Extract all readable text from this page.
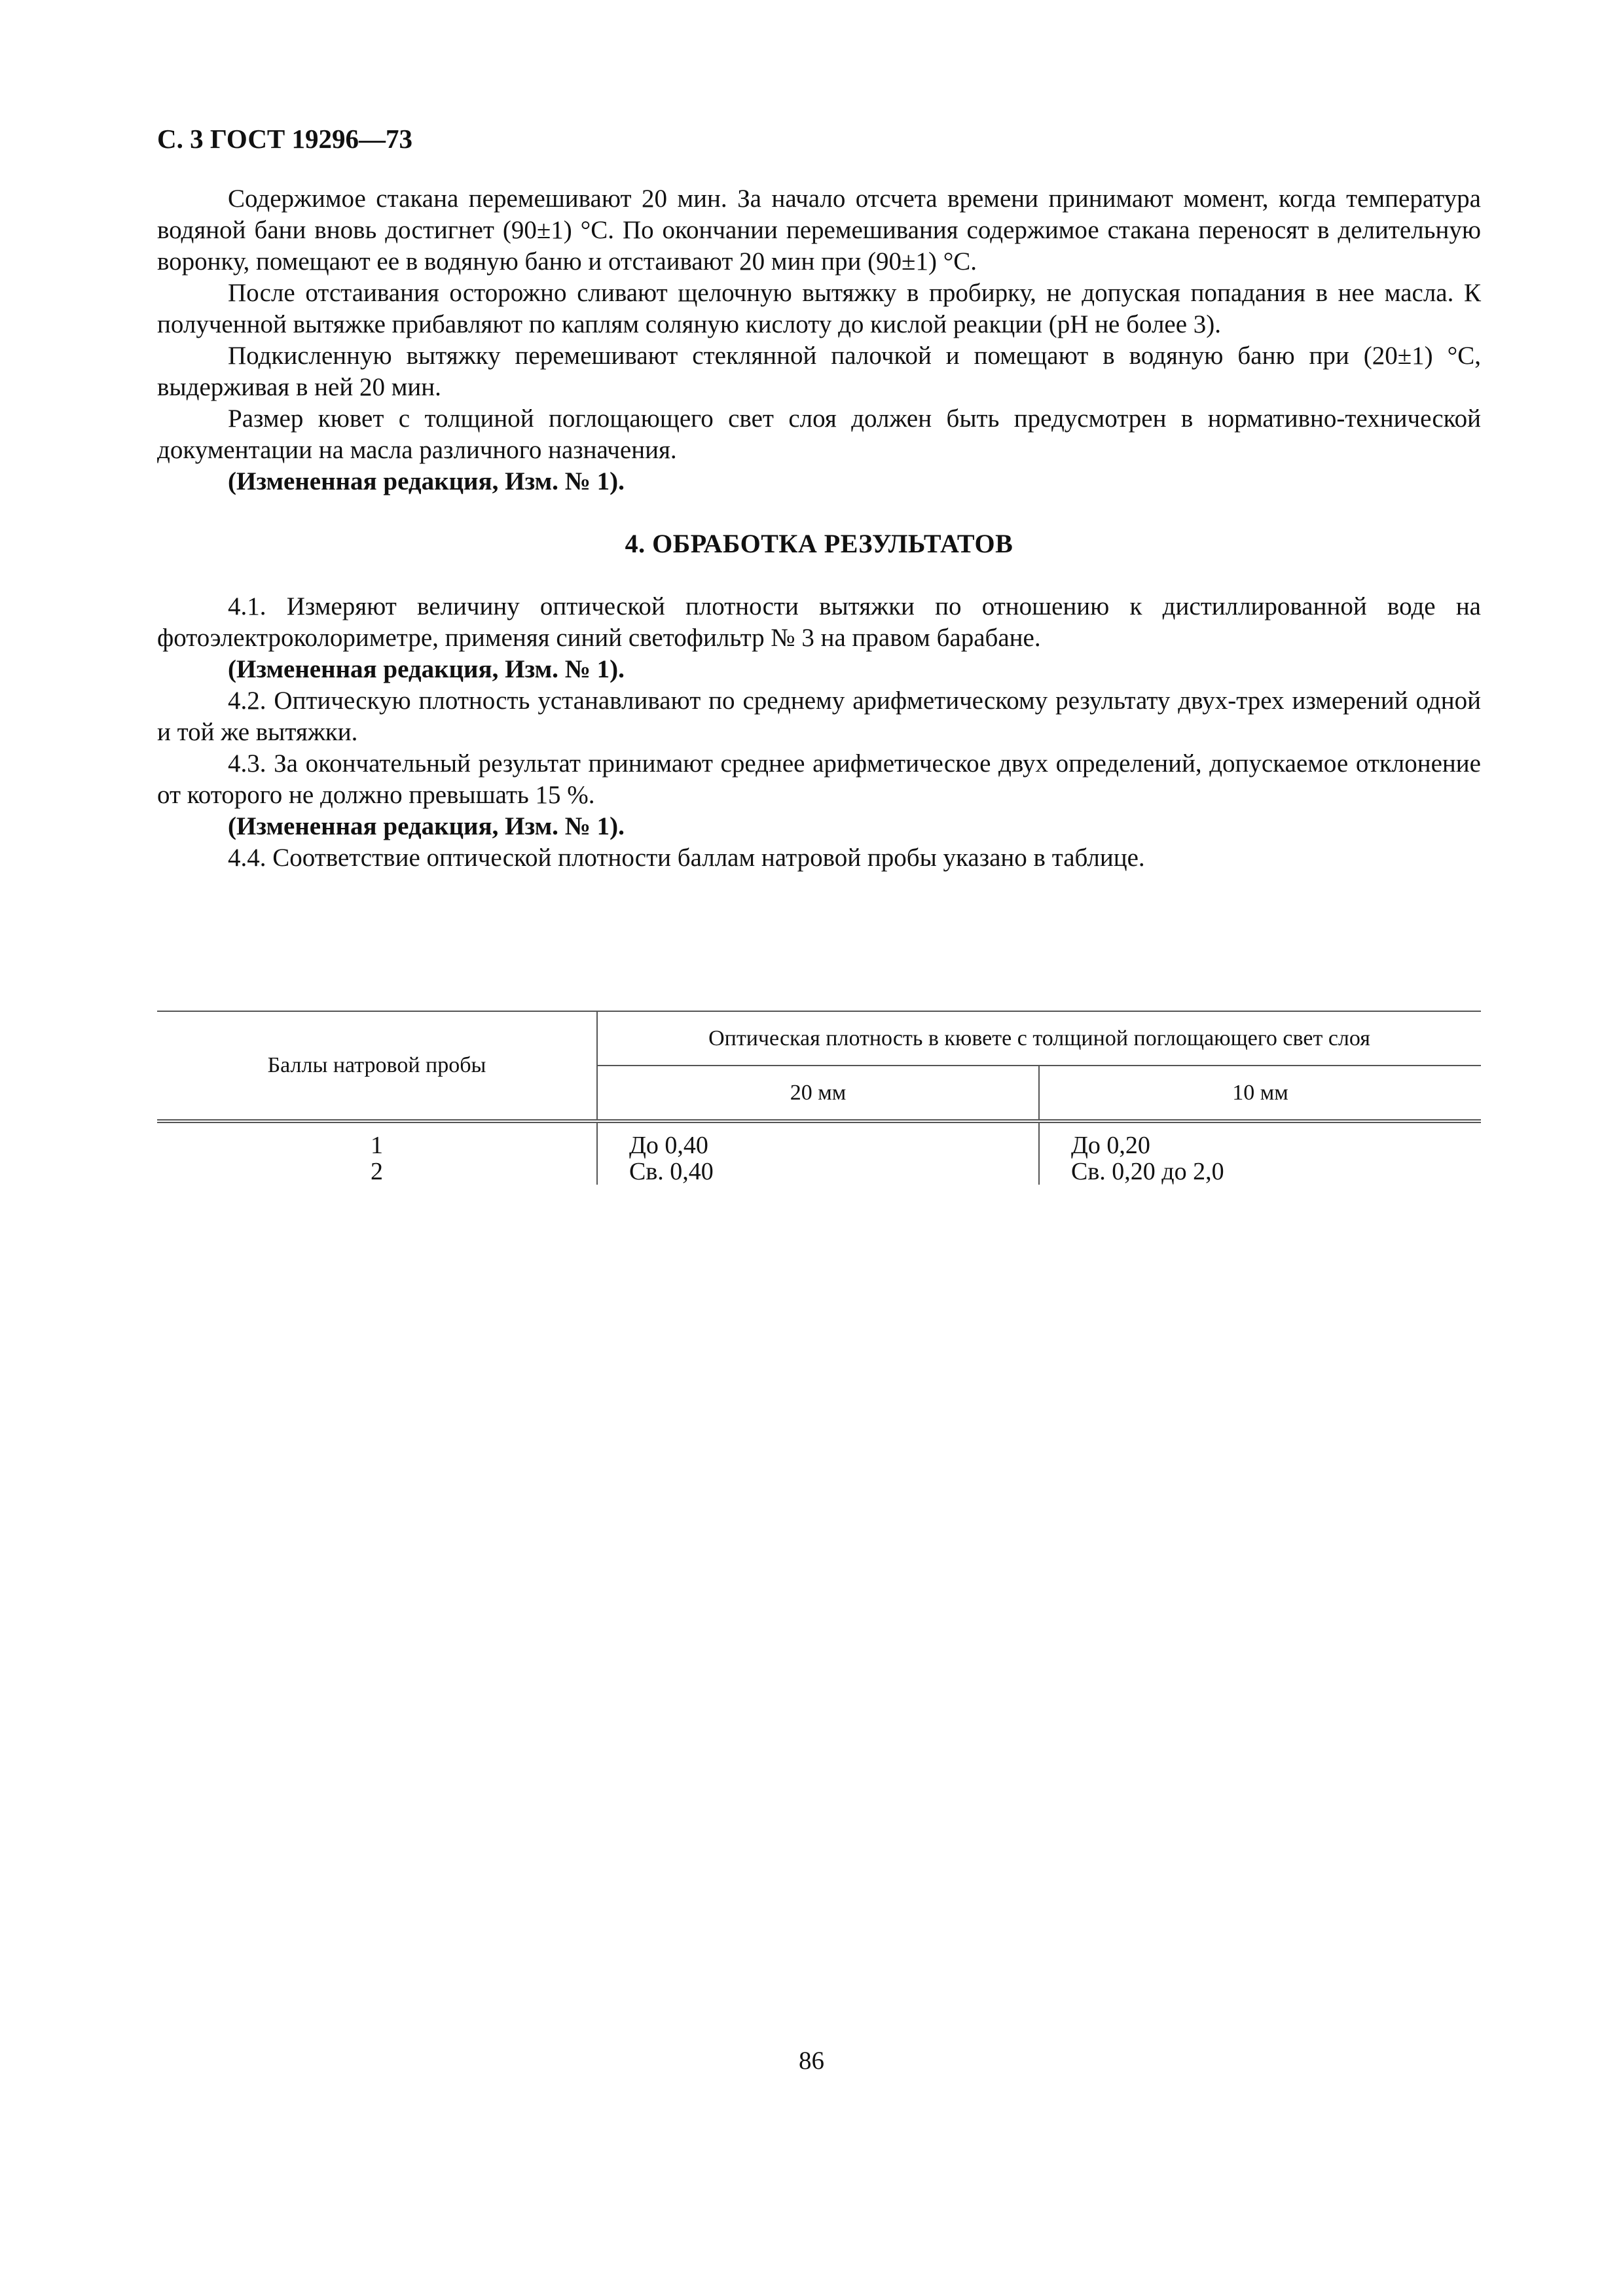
С. 3 ГОСТ 19296—73

Содержимое стакана перемешивают 20 мин. За начало отсчета времени принимают момент, когда температура водяной бани вновь достигнет (90±1) °С. По окончании перемешивания содержимое стакана переносят в делительную воронку, помещают ее в водяную баню и отстаивают 20 мин при (90±1) °С.

После отстаивания осторожно сливают щелочную вытяжку в пробирку, не допуская попадания в нее масла. К полученной вытяжке прибавляют по каплям соляную кислоту до кислой реакции (pH не более 3).

Подкисленную вытяжку перемешивают стеклянной палочкой и помещают в водяную баню при (20±1) °С, выдерживая в ней 20 мин.

Размер кювет с толщиной поглощающего свет слоя должен быть предусмотрен в нормативно-технической документации на масла различного назначения.

(Измененная редакция, Изм. № 1).

4. ОБРАБОТКА РЕЗУЛЬТАТОВ

4.1. Измеряют величину оптической плотности вытяжки по отношению к дистиллированной воде на фотоэлектроколориметре, применяя синий светофильтр № 3 на правом барабане.

(Измененная редакция, Изм. № 1).

4.2. Оптическую плотность устанавливают по среднему арифметическому результату двух-трех измерений одной и той же вытяжки.

4.3. За окончательный результат принимают среднее арифметическое двух определений, допускаемое отклонение от которого не должно превышать 15 %.

(Измененная редакция, Изм. № 1).

4.4. Соответствие оптической плотности баллам натровой пробы указано в таблице.

Баллы натровой пробы	Оптическая плотность в кювете с толщиной поглощающего свет слоя	
	20 мм	10 мм
1	До 0,40	До 0,20
2	Св. 0,40	Св. 0,20 до 2,0
86
